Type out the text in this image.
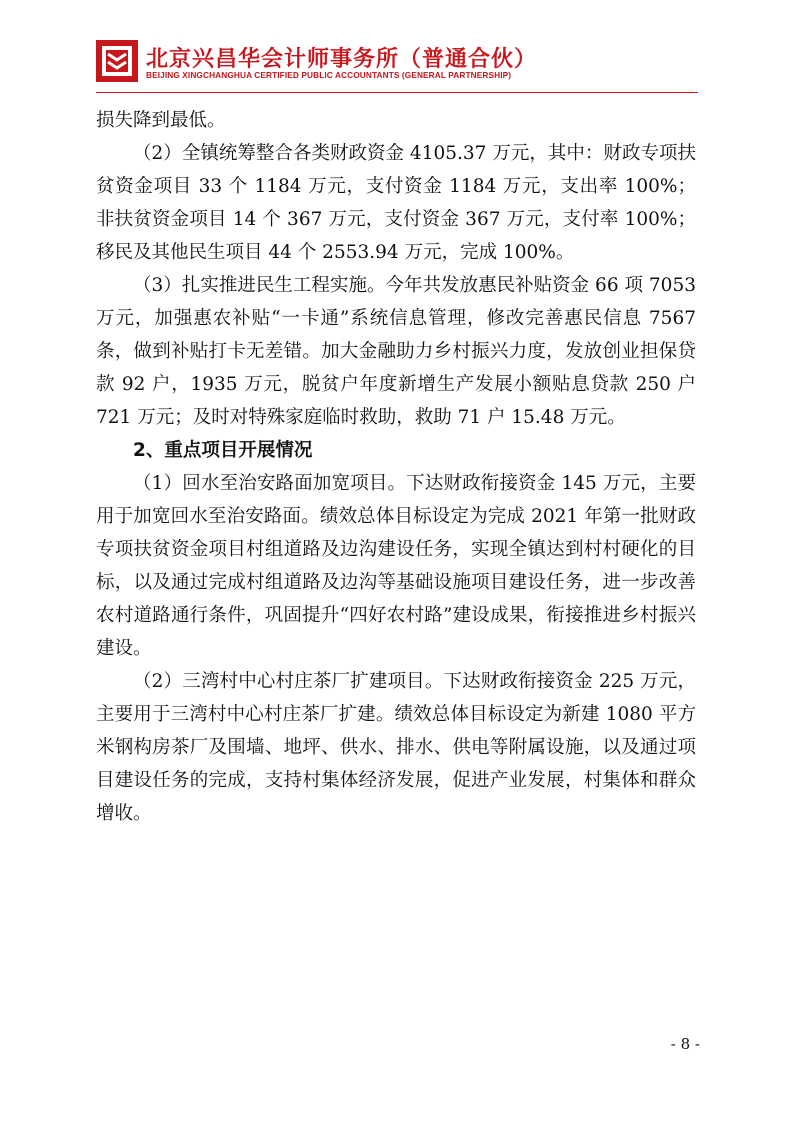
北京兴昌华会计师事务所（普通合伙）
BEIJING XINGCHANGHUA CERTIFIED PUBLIC ACCOUNTANTS (GENERAL PARTNERSHIP)

损失降到最低。

（2）全镇统筹整合各类财政资金 4105.37 万元，其中：财政专项扶贫资金项目 33 个 1184 万元，支付资金 1184 万元，支出率 100%；非扶贫资金项目 14 个 367 万元，支付资金 367 万元，支付率 100%；移民及其他民生项目 44 个 2553.94 万元，完成 100%。

（3）扎实推进民生工程实施。今年共发放惠民补贴资金 66 项 7053 万元，加强惠农补贴“一卡通”系统信息管理，修改完善惠民信息 7567 条，做到补贴打卡无差错。加大金融助力乡村振兴力度，发放创业担保贷款 92 户，1935 万元，脱贫户年度新增生产发展小额贴息贷款 250 户 721 万元；及时对特殊家庭临时救助，救助 71 户 15.48 万元。

2、重点项目开展情况

（1）回水至治安路面加宽项目。下达财政衔接资金 145 万元，主要用于加宽回水至治安路面。绩效总体目标设定为完成 2021 年第一批财政专项扶贫资金项目村组道路及边沟建设任务，实现全镇达到村村硬化的目标，以及通过完成村组道路及边沟等基础设施项目建设任务，进一步改善农村道路通行条件，巩固提升“四好农村路”建设成果，衔接推进乡村振兴建设。

（2）三湾村中心村庄茶厂扩建项目。下达财政衔接资金 225 万元，主要用于三湾村中心村庄茶厂扩建。绩效总体目标设定为新建 1080 平方米钢构房茶厂及围墙、地坪、供水、排水、供电等附属设施，以及通过项目建设任务的完成，支持村集体经济发展，促进产业发展，村集体和群众增收。

- 8 -
